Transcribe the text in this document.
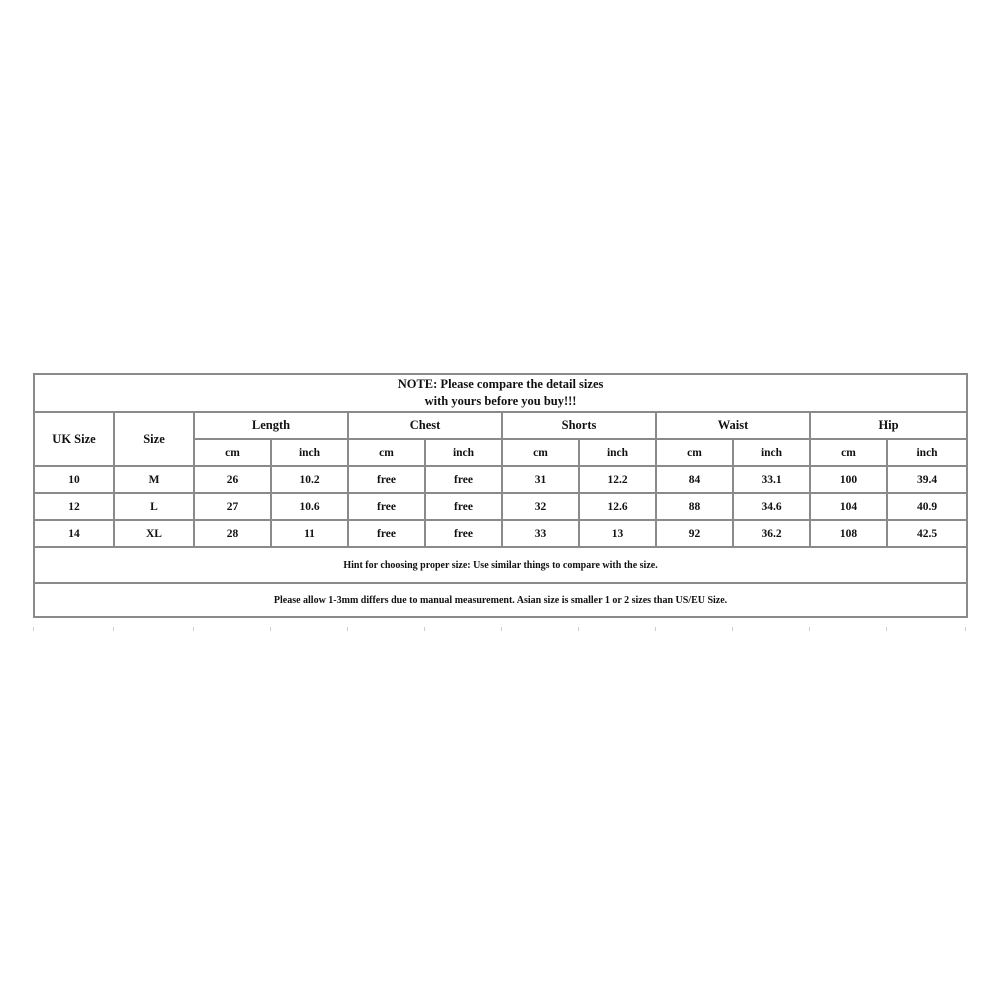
NOTE: Please compare the detail sizes
with yours before you buy!!!											

UK Size	Size	Length		Chest		Shorts		Waist		Hip	
		cm	inch	cm	inch	cm	inch	cm	inch	cm	inch
10	M	26	10.2	free	free	31	12.2	84	33.1	100	39.4
12	L	27	10.6	free	free	32	12.6	88	34.6	104	40.9
14	XL	28	11	free	free	33	13	92	36.2	108	42.5
Hint for choosing proper size: Use similar things to compare with the size.											
Please allow 1-3mm differs due to manual measurement. Asian size is smaller 1 or 2 sizes than US/EU Size.											
